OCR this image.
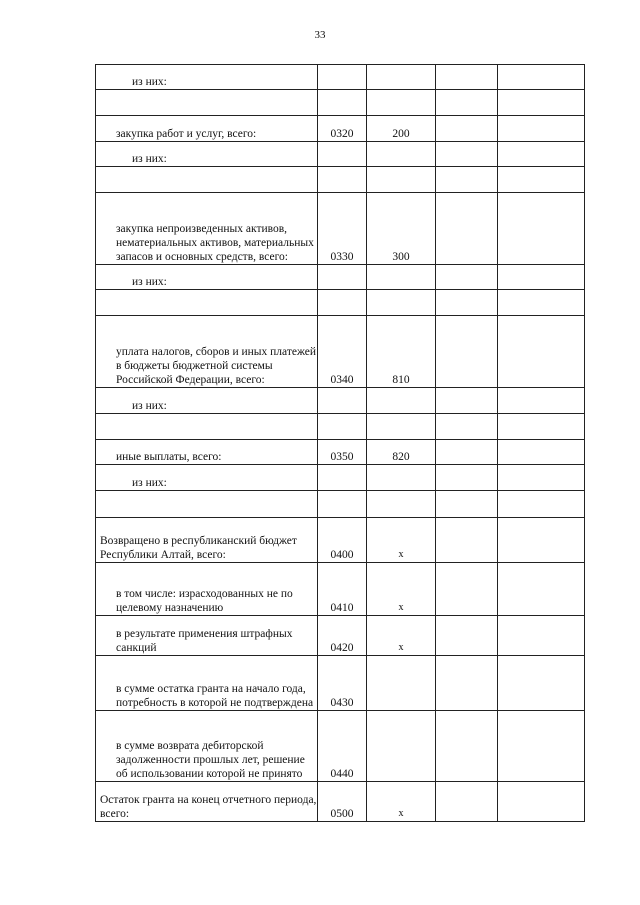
33
из них:				

закупка работ и услуг, всего:	0320	200		
из них:				

закупка непроизведенных активов, нематериальных активов, материальных запасов и основных средств, всего:	0330	300		
из них:				

уплата налогов, сборов и иных платежей в бюджеты бюджетной системы Российской Федерации, всего:	0340	810		
из них:				

иные выплаты, всего:	0350	820		
из них:				

Возвращено в республиканский бюджет Республики Алтай, всего:	0400	x		
в том числе: израсходованных не по целевому назначению	0410	x		
в результате применения штрафных санкций	0420	x		
в сумме остатка гранта на начало года, потребность в которой не подтверждена	0430			
в сумме возврата дебиторской задолженности прошлых лет, решение об использовании которой не принято	0440			
Остаток гранта на конец отчетного периода, всего:	0500	x		
